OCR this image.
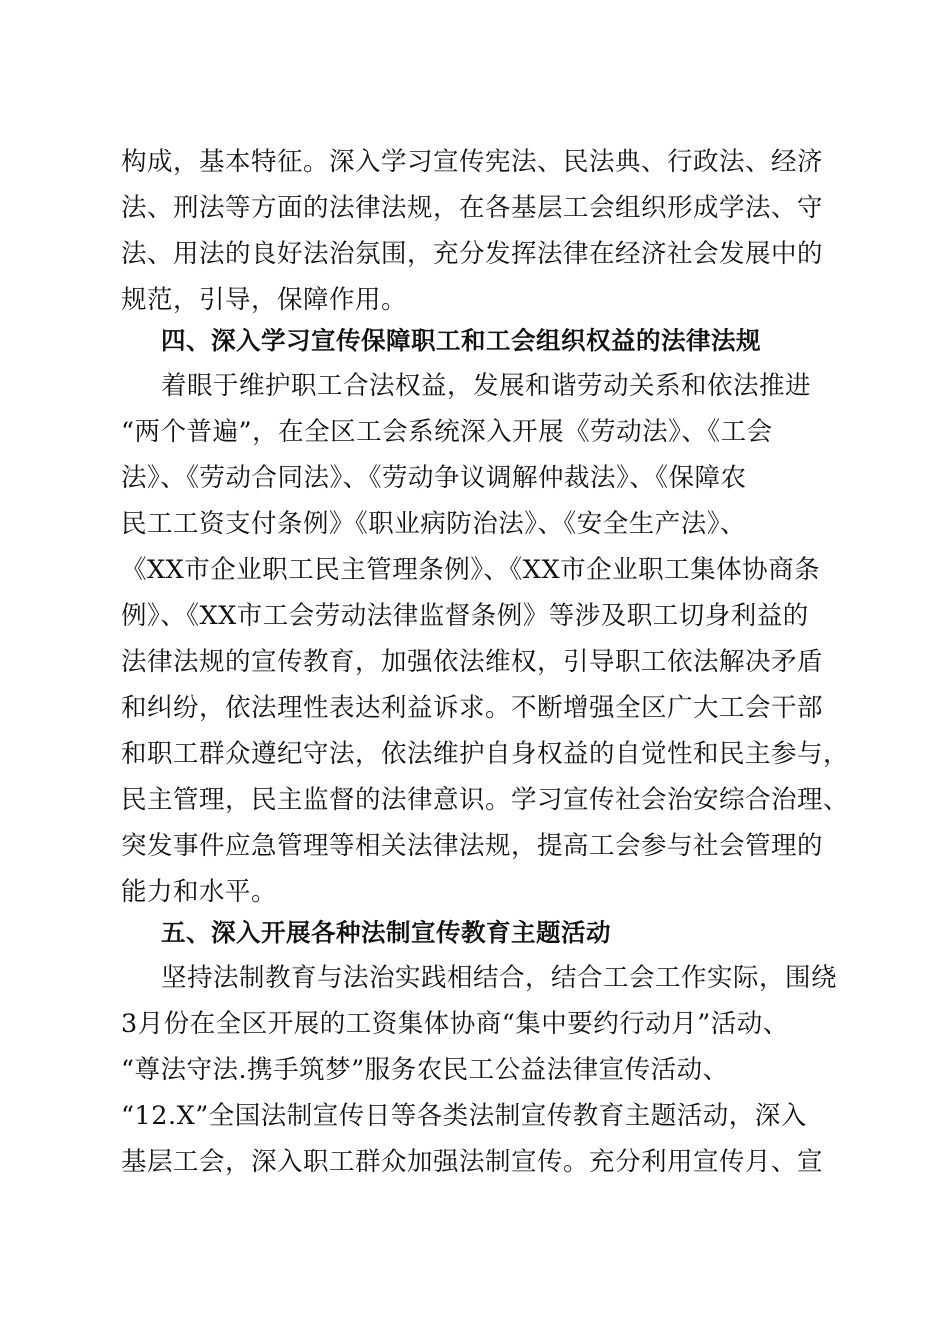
构成，基本特征。深入学习宣传宪法、民法典、行政法、经济
法、刑法等方面的法律法规，在各基层工会组织形成学法、守
法、用法的良好法治氛围，充分发挥法律在经济社会发展中的
规范，引导，保障作用。
四、深入学习宣传保障职工和工会组织权益的法律法规
着眼于维护职工合法权益，发展和谐劳动关系和依法推进
“两个普遍”，在全区工会系统深入开展《劳动法》、《工会
法》、《劳动合同法》、《劳动争议调解仲裁法》、《保障农
民工工资支付条例》《职业病防治法》、《安全生产法》、
《XX市企业职工民主管理条例》、《XX市企业职工集体协商条
例》、《XX市工会劳动法律监督条例》等涉及职工切身利益的
法律法规的宣传教育，加强依法维权，引导职工依法解决矛盾
和纠纷，依法理性表达利益诉求。不断增强全区广大工会干部
和职工群众遵纪守法，依法维护自身权益的自觉性和民主参与，
民主管理，民主监督的法律意识。学习宣传社会治安综合治理、
突发事件应急管理等相关法律法规，提高工会参与社会管理的
能力和水平。
五、深入开展各种法制宣传教育主题活动
坚持法制教育与法治实践相结合，结合工会工作实际，围绕
3月份在全区开展的工资集体协商“集中要约行动月”活动、
“尊法守法.携手筑梦”服务农民工公益法律宣传活动、
“12.X”全国法制宣传日等各类法制宣传教育主题活动，深入
基层工会，深入职工群众加强法制宣传。充分利用宣传月、宣
